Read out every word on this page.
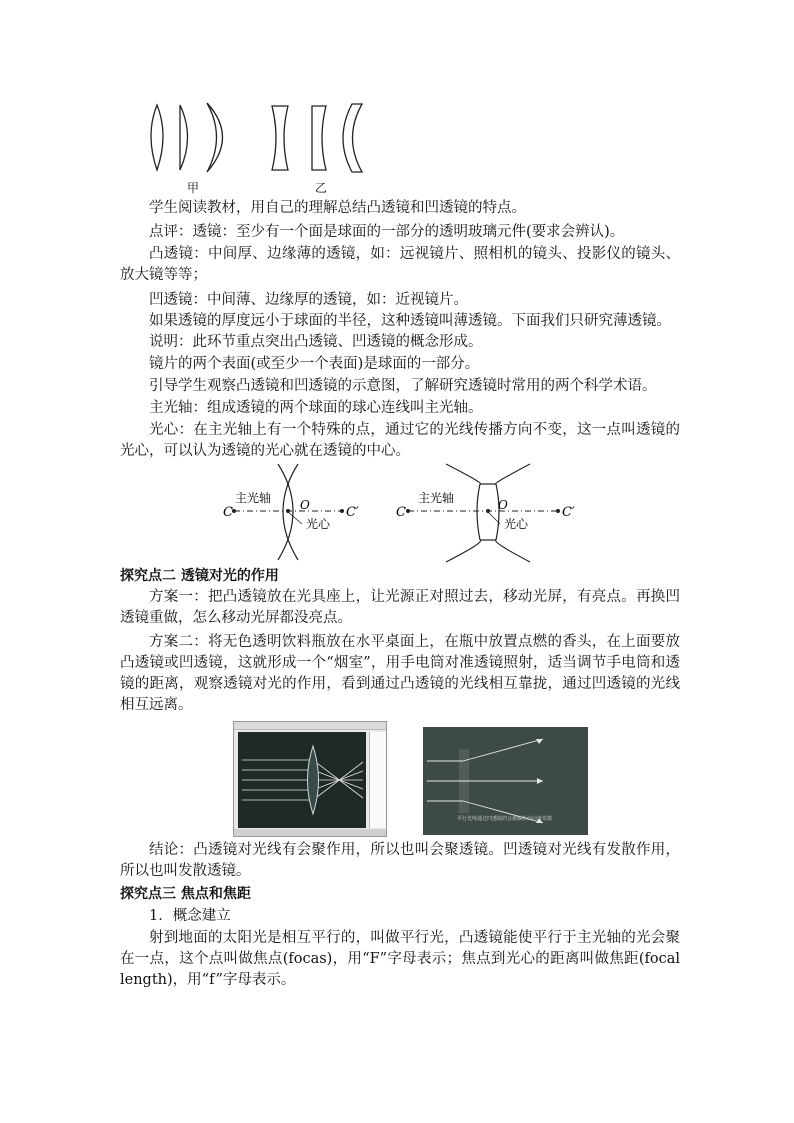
甲	乙
学生阅读教材，用自己的理解总结凸透镜和凹透镜的特点。
点评：透镜：至少有一个面是球面的一部分的透明玻璃元件(要求会辨认)。
凸透镜：中间厚、边缘薄的透镜，如：远视镜片、照相机的镜头、投影仪的镜头、放大镜等等；
凹透镜：中间薄、边缘厚的透镜，如：近视镜片。
如果透镜的厚度远小于球面的半径，这种透镜叫薄透镜。下面我们只研究薄透镜。
说明：此环节重点突出凸透镜、凹透镜的概念形成。
镜片的两个表面(或至少一个表面)是球面的一部分。
引导学生观察凸透镜和凹透镜的示意图，了解研究透镜时常用的两个科学术语。
主光轴：组成透镜的两个球面的球心连线叫主光轴。
光心：在主光轴上有一个特殊的点，通过它的光线传播方向不变，这一点叫透镜的光心，可以认为透镜的光心就在透镜的中心。
C
主光轴 O	C′
光心
C
主光轴	O	C′
光心
探究点二 透镜对光的作用
方案一：把凸透镜放在光具座上，让光源正对照过去，移动光屏，有亮点。再换凹透镜重做，怎么移动光屏都没亮点。
方案二：将无色透明饮料瓶放在水平桌面上，在瓶中放置点燃的香头，在上面要放凸透镜或凹透镜，这就形成一个“烟室”，用手电筒对准透镜照射，适当调节手电筒和透镜的距离，观察透镜对光的作用，看到通过凸透镜的光线相互靠拢，通过凹透镜的光线相互远离。
平行光线通过凹透镜的会被偏折而向外发散
结论：凸透镜对光线有会聚作用，所以也叫会聚透镜。凹透镜对光线有发散作用，所以也叫发散透镜。
探究点三 焦点和焦距
1．概念建立
射到地面的太阳光是相互平行的，叫做平行光，凸透镜能使平行于主光轴的光会聚在一点，这个点叫做焦点(focas)，用“F”字母表示；焦点到光心的距离叫做焦距(focal length)，用“f”字母表示。
